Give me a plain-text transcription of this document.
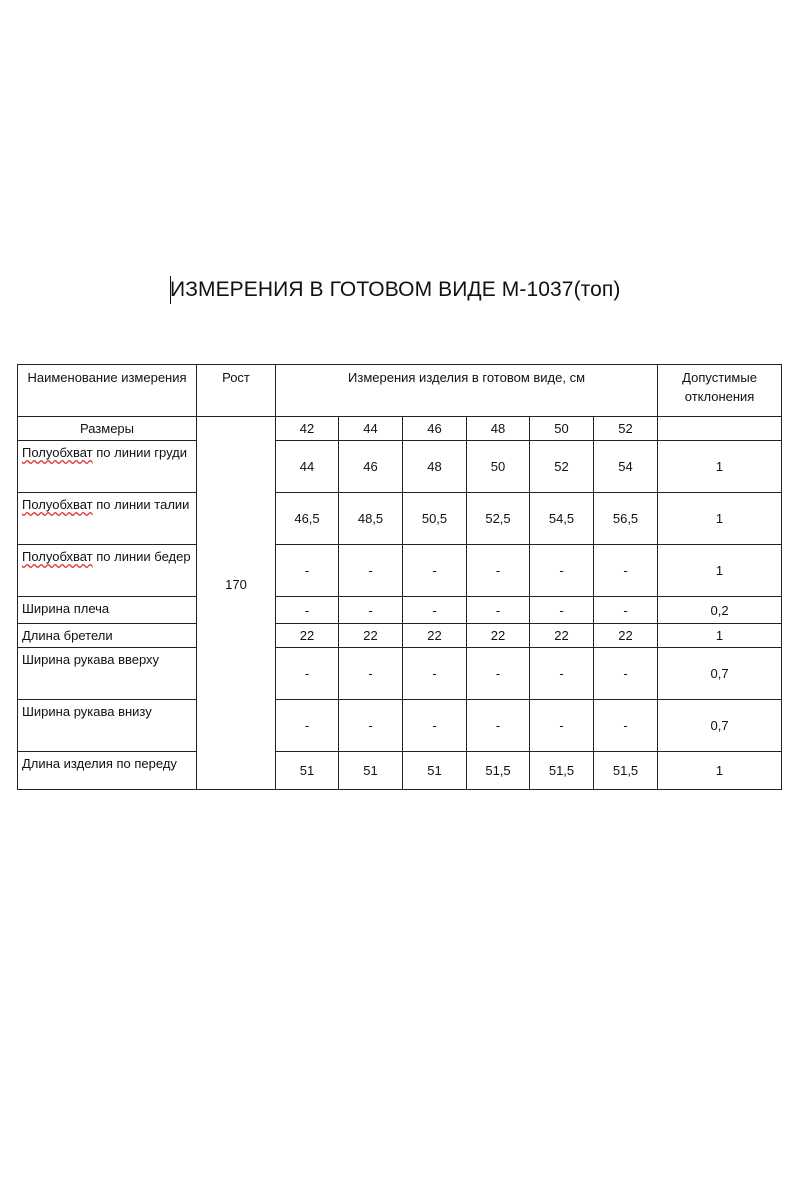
ИЗМЕРЕНИЯ В ГОТОВОМ ВИДЕ М-1037(топ)
Наименование измерения	Рост	Измерения изделия в готовом виде, см						Допустимые отклонения
Размеры	170	42	44	46	48	50	52	
Полуобхват по линии груди		44	46	48	50	52	54	1
Полуобхват по линии талии		46,5	48,5	50,5	52,5	54,5	56,5	1
Полуобхват по линии бедер		-	-	-	-	-	-	1
Ширина плеча		-	-	-	-	-	-	0,2
Длина бретели		22	22	22	22	22	22	1
Ширина рукава вверху		-	-	-	-	-	-	0,7
Ширина рукава внизу		-	-	-	-	-	-	0,7
Длина изделия по переду		51	51	51	51,5	51,5	51,5	1
